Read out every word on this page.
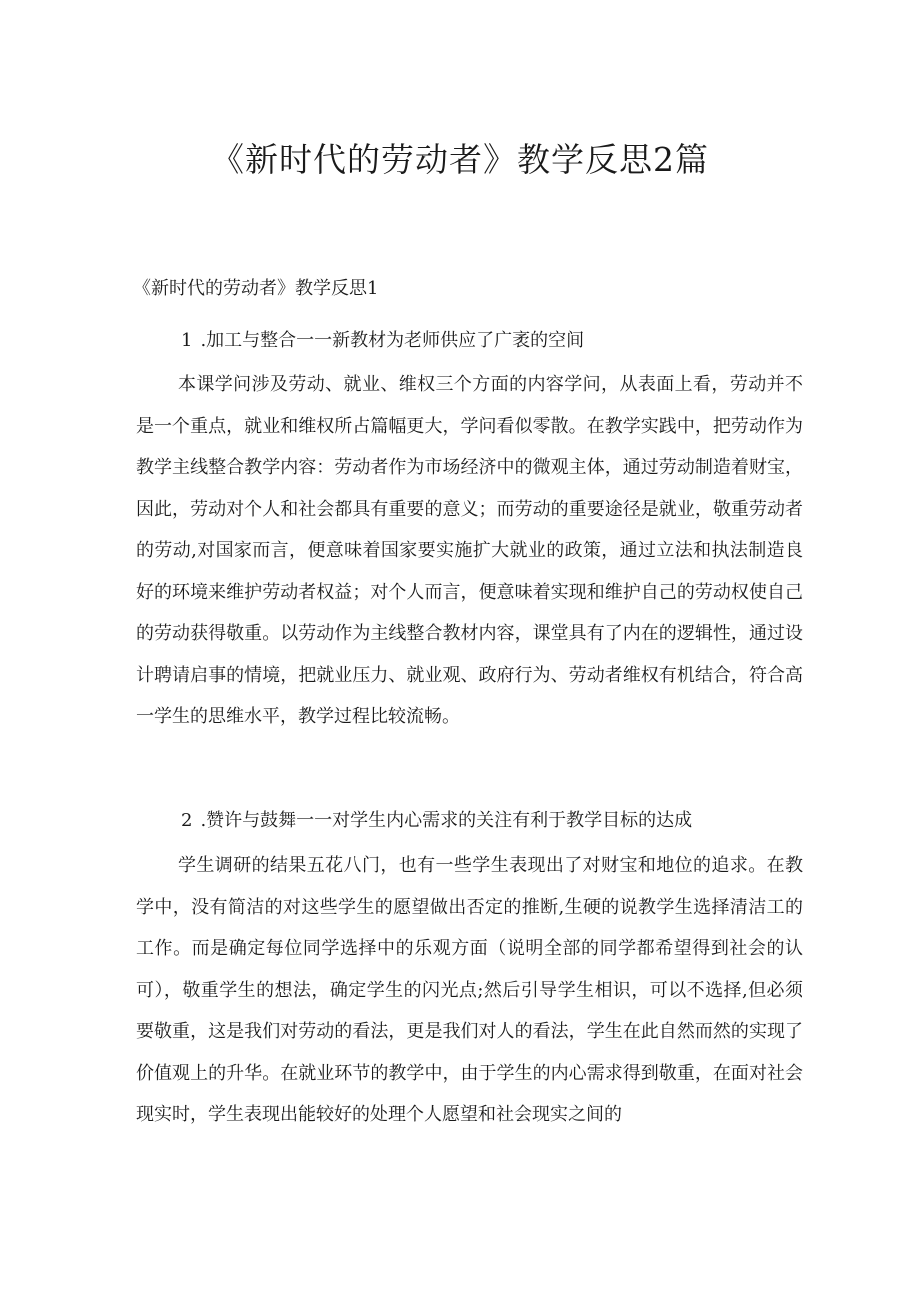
《新时代的劳动者》教学反思2篇
《新时代的劳动者》教学反思1
1 .加工与整合一一新教材为老师供应了广袤的空间

本课学问涉及劳动、就业、维权三个方面的内容学问，从表面上看，劳动并不是一个重点，就业和维权所占篇幅更大，学问看似零散。在教学实践中，把劳动作为教学主线整合教学内容：劳动者作为市场经济中的微观主体，通过劳动制造着财宝，因此，劳动对个人和社会都具有重要的意义；而劳动的重要途径是就业，敬重劳动者的劳动,对国家而言，便意味着国家要实施扩大就业的政策，通过立法和执法制造良好的环境来维护劳动者权益；对个人而言，便意味着实现和维护自己的劳动权使自己的劳动获得敬重。以劳动作为主线整合教材内容，课堂具有了内在的逻辑性，通过设计聘请启事的情境，把就业压力、就业观、政府行为、劳动者维权有机结合，符合高一学生的思维水平，教学过程比较流畅。

2 .赞许与鼓舞一一对学生内心需求的关注有利于教学目标的达成

学生调研的结果五花八门，也有一些学生表现出了对财宝和地位的追求。在教学中，没有简洁的对这些学生的愿望做出否定的推断,生硬的说教学生选择清洁工的工作。而是确定每位同学选择中的乐观方面（说明全部的同学都希望得到社会的认可），敬重学生的想法，确定学生的闪光点;然后引导学生相识，可以不选择,但必须要敬重，这是我们对劳动的看法，更是我们对人的看法，学生在此自然而然的实现了价值观上的升华。在就业环节的教学中，由于学生的内心需求得到敬重，在面对社会现实时，学生表现出能较好的处理个人愿望和社会现实之间的
